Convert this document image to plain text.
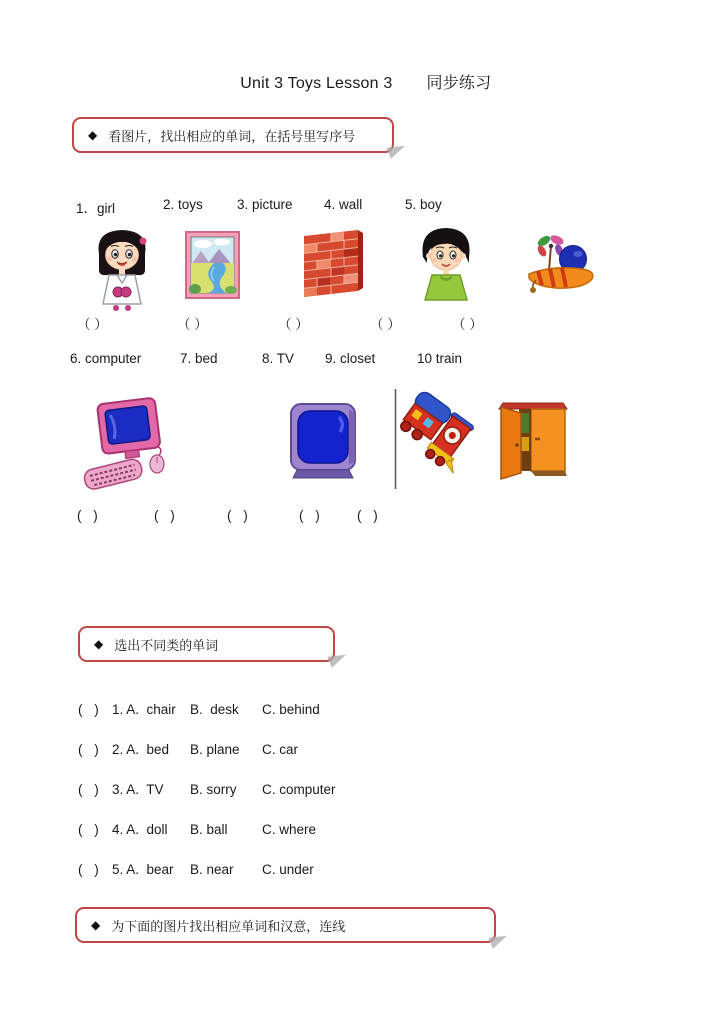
Unit 3 Toys Lesson 3 同步练习

◆ 看图片，找出相应的单词，在括号里写序号
1．girl	2. toys	3. picture 4. wall	5. boy
（ ）	（ ）	（ ）	（ ）	（ ）
6. computer	7. bed	8. TV 9. closet	10 train
( )	( )	( )	( ) ( )
◆ 选出不同类的单词
( ) 1. A.  chair B.  desk C. behind
( ) 2. A.  bed B. plane C. car
( ) 3. A.  TV B. sorry C. computer
( ) 4. A.  doll B. ball	C. where
( ) 5. A.  bear B. near C. under
◆ 为下面的图片找出相应单词和汉意，连线
